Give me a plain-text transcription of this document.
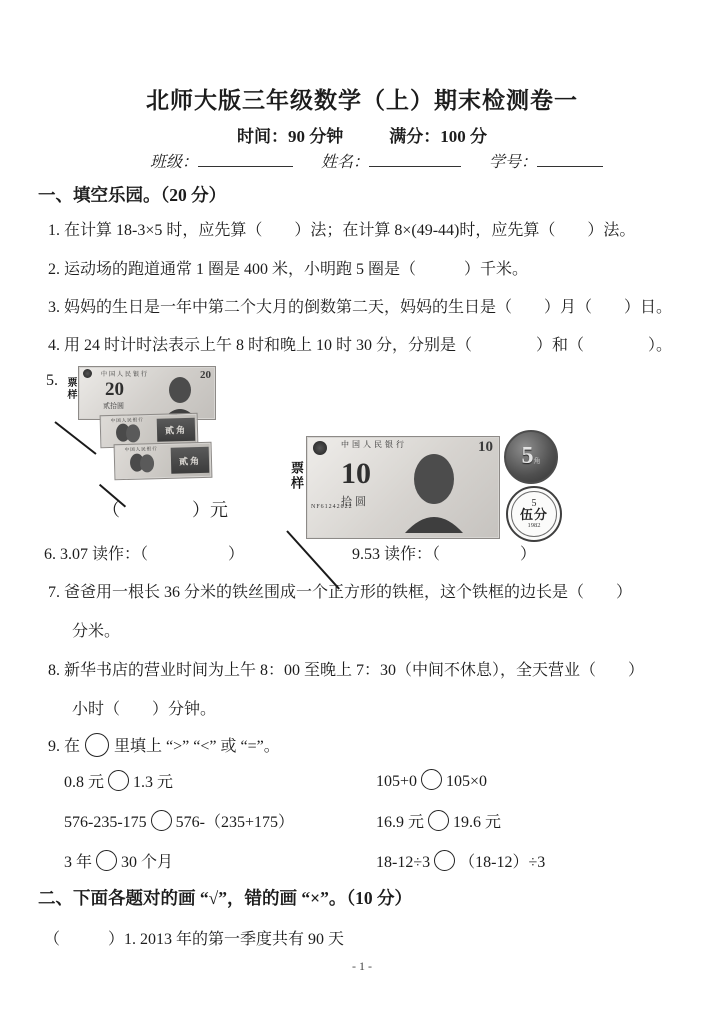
北师大版三年级数学（上）期末检测卷一
时间：90 分钟	满分：100 分
班级：	姓名：	学号：
一、填空乐园。（20 分）
1. 在计算 18-3×5 时，应先算（　　）法；在计算 8×(49-44)时，应先算（　　）法。
2. 运动场的跑道通常 1 圈是 400 米，小明跑 5 圈是（　　　）千米。
3. 妈妈的生日是一年中第二个大月的倒数第二天，妈妈的生日是（　　）月（　　）日。
4. 用 24 时计时法表示上午 8 时和晚上 10 时 30 分，分别是（　　　　）和（　　　　）。
5.	中国人民银行	20
20
贰拾圆
票样
中国人民银行
贰角
中国人民银行
贰角
（　　　　）元
中国人民银行	10
10
拾圆
票样
NF61242022
5角
5
伍分
1982
6. 3.07 读作：（　　　　　）	9.53 读作：（　　　　　）
7. 爸爸用一根长 36 分米的铁丝围成一个正方形的铁框，这个铁框的边长是（　　）
分米。
8. 新华书店的营业时间为上午 8：00 至晚上 7：30（中间不休息），全天营业（　　）
小时（　　）分钟。
9. 在 里填上 “>” “<” 或 “=”。
0.8 元 1.3 元	105+0 105×0
576-235-175 576-（235+175）	16.9 元 19.6 元
3 年 30 个月	18-12÷3 （18-12）÷3
二、下面各题对的画 “√”，错的画 “×”。（10 分）
（　　　）1. 2013 年的第一季度共有 90 天
- 1 -
